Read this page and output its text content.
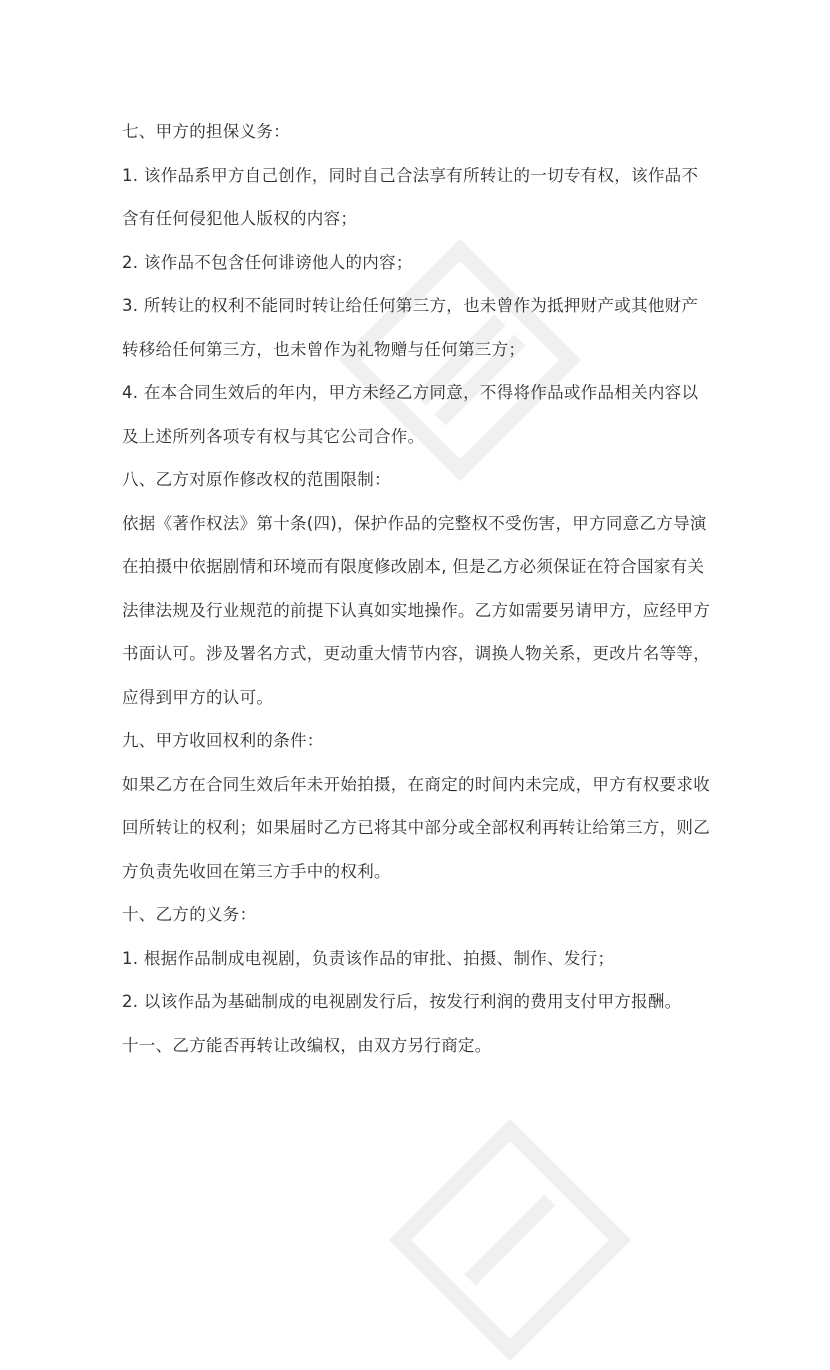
七、甲方的担保义务：
1. 该作品系甲方自己创作，同时自己合法享有所转让的一切专有权，该作品不
含有任何侵犯他人版权的内容；
2. 该作品不包含任何诽谤他人的内容；
3. 所转让的权利不能同时转让给任何第三方，也未曾作为抵押财产或其他财产
转移给任何第三方，也未曾作为礼物赠与任何第三方；
4. 在本合同生效后的年内，甲方未经乙方同意，不得将作品或作品相关内容以
及上述所列各项专有权与其它公司合作。
八、乙方对原作修改权的范围限制：
依据《著作权法》第十条(四)，保护作品的完整权不受伤害，甲方同意乙方导演
在拍摄中依据剧情和环境而有限度修改剧本, 但是乙方必须保证在符合国家有关
法律法规及行业规范的前提下认真如实地操作。乙方如需要另请甲方，应经甲方
书面认可。涉及署名方式，更动重大情节内容，调换人物关系，更改片名等等，
应得到甲方的认可。
九、甲方收回权利的条件：
如果乙方在合同生效后年未开始拍摄，在商定的时间内未完成，甲方有权要求收
回所转让的权利；如果届时乙方已将其中部分或全部权利再转让给第三方，则乙
方负责先收回在第三方手中的权利。
十、乙方的义务：
1. 根据作品制成电视剧，负责该作品的审批、拍摄、制作、发行；
2. 以该作品为基础制成的电视剧发行后，按发行利润的费用支付甲方报酬。
十一、乙方能否再转让改编权，由双方另行商定。
